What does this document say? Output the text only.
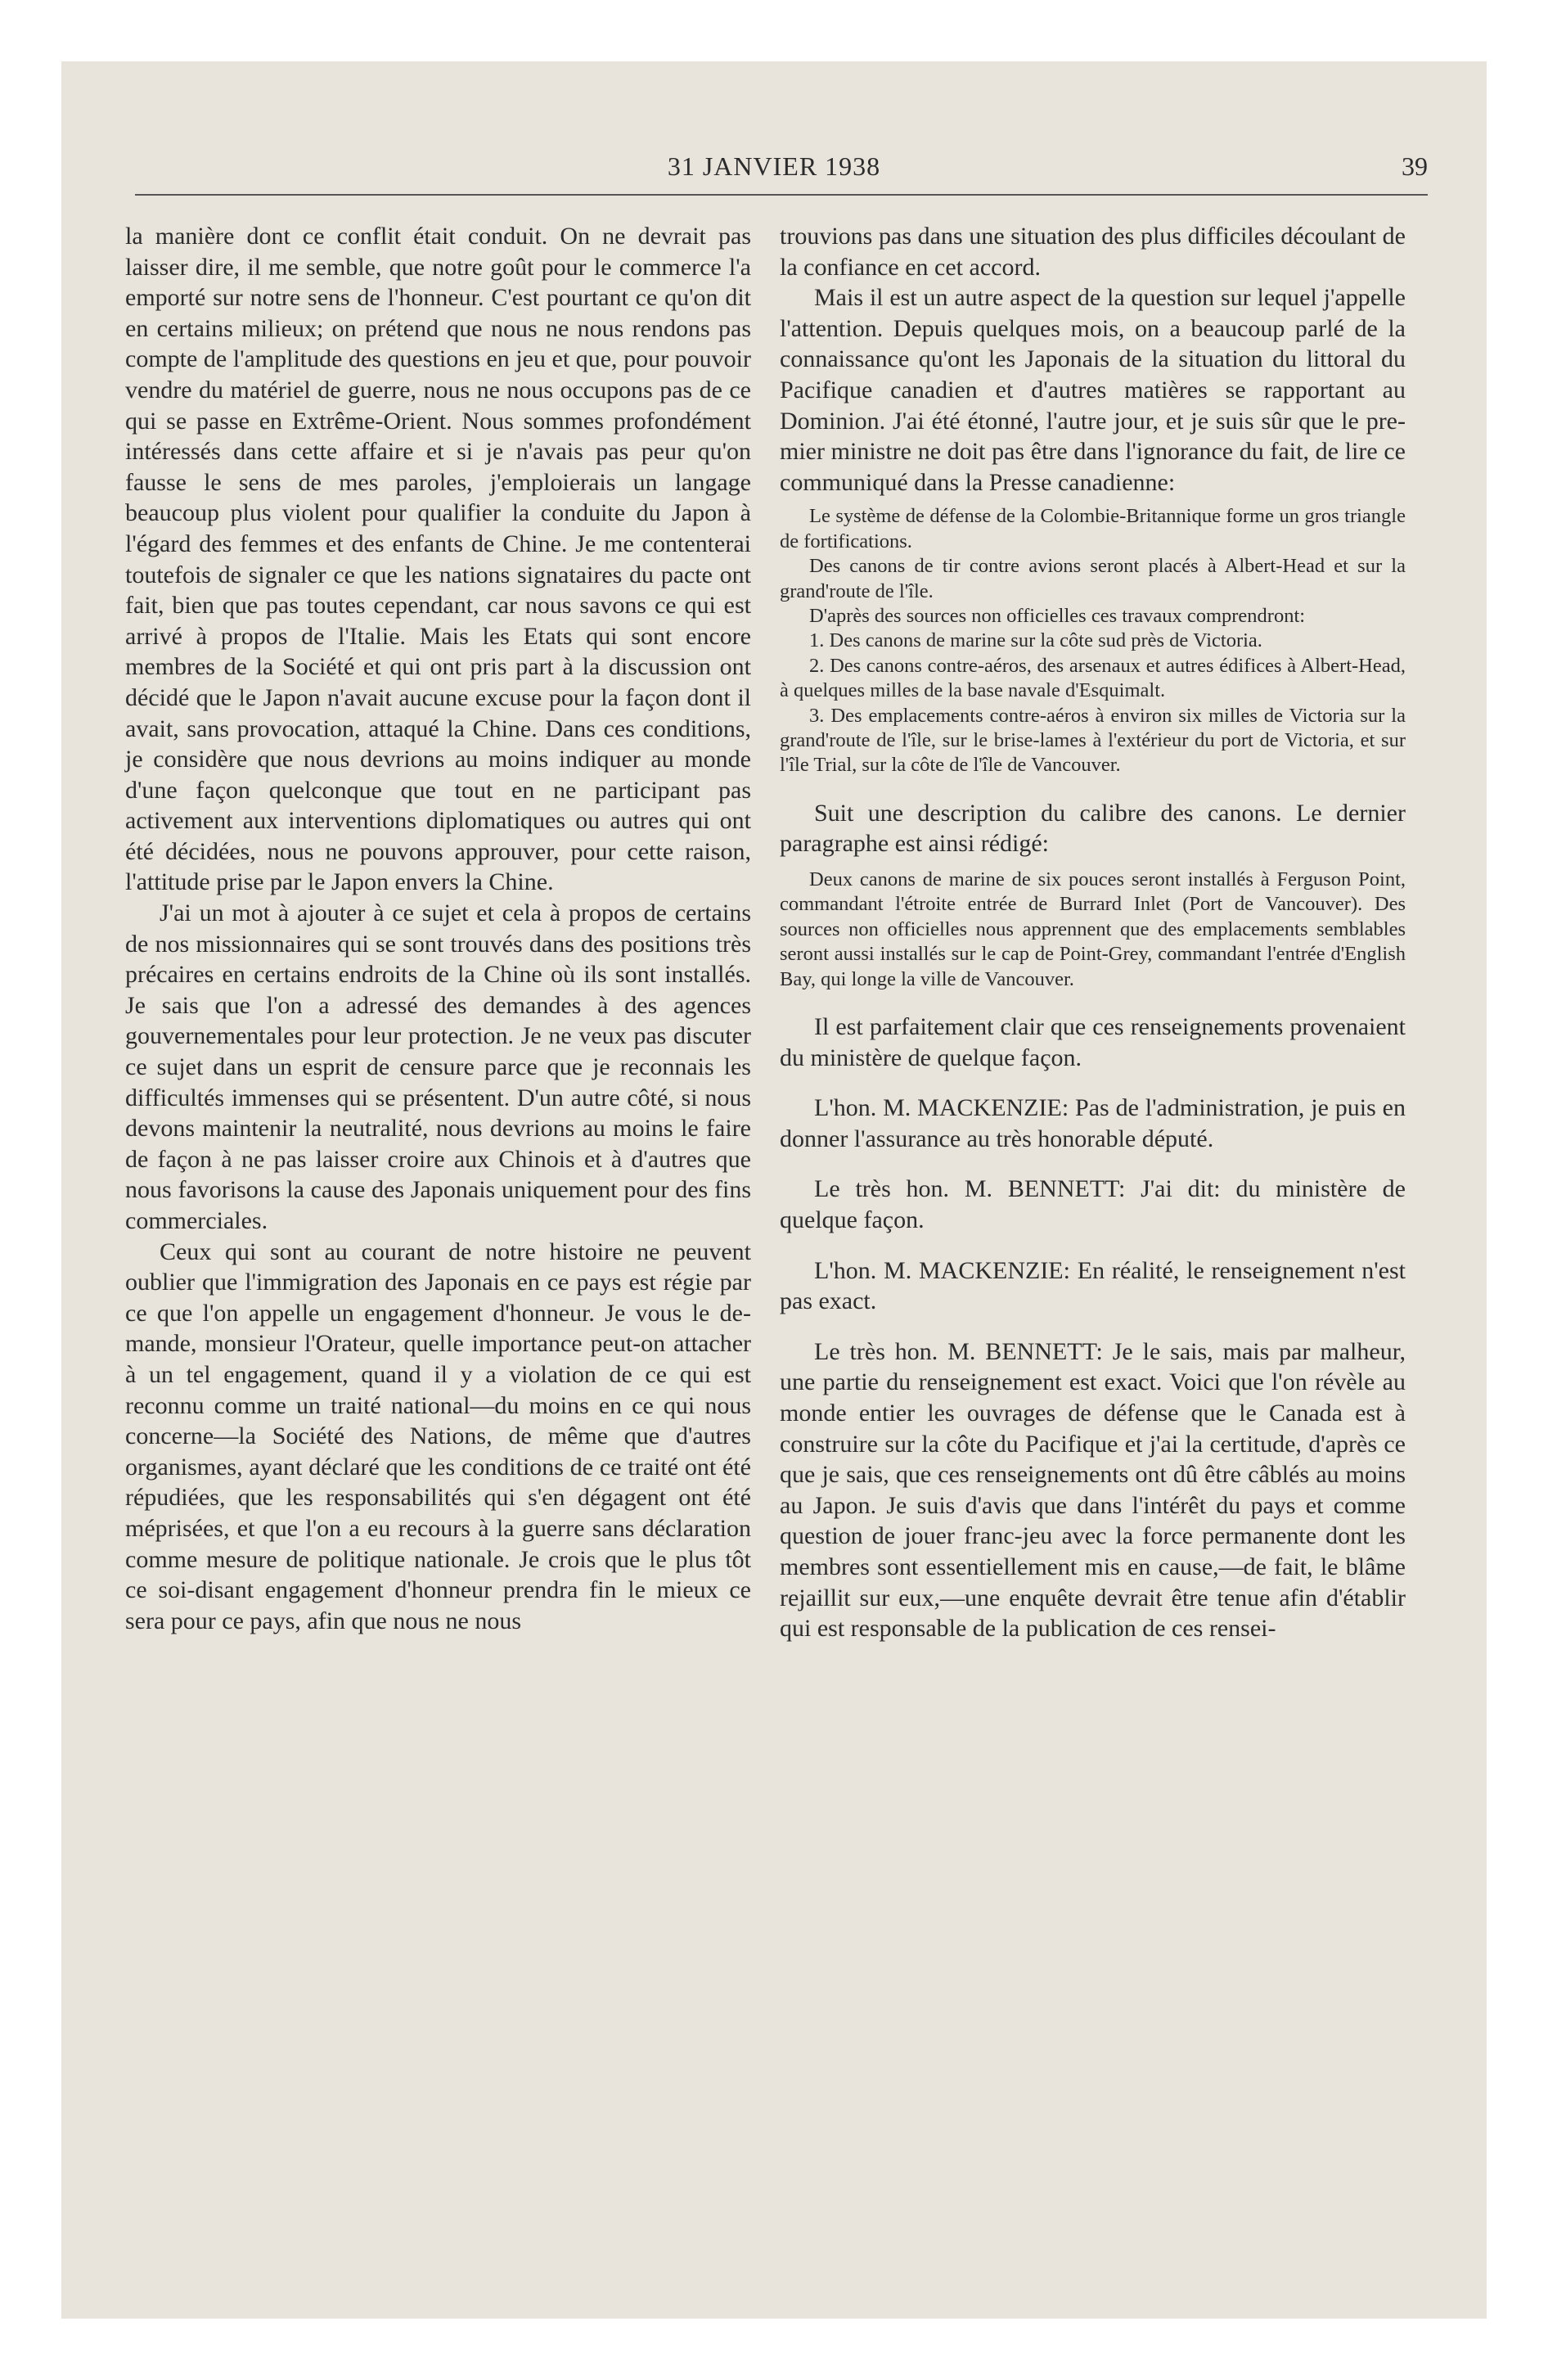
31 JANVIER 1938	39

la manière dont ce conflit était conduit. On ne devrait pas laisser dire, il me semble, que notre goût pour le commerce l'a emporté sur notre sens de l'honneur. C'est pourtant ce qu'on dit en certains milieux; on prétend que nous ne nous rendons pas compte de l'amplitude des questions en jeu et que, pour pouvoir vendre du matériel de guerre, nous ne nous occupons pas de ce qui se passe en Extrême-Orient. Nous sommes profondément intéressés dans cette affaire et si je n'avais pas peur qu'on fausse le sens de mes paroles, j'emploierais un langage beaucoup plus violent pour qualifier la conduite du Japon à l'égard des femmes et des enfants de Chine. Je me contenterai toutefois de signaler ce que les nations signataires du pacte ont fait, bien que pas toutes cependant, car nous savons ce qui est arrivé à propos de l'Italie. Mais les Etats qui sont encore membres de la Société et qui ont pris part à la discussion ont décidé que le Japon n'avait aucune excuse pour la façon dont il avait, sans provocation, attaqué la Chine. Dans ces conditions, je considère que nous devrions au moins indiquer au monde d'une façon quelconque que tout en ne participant pas activement aux interventions diplomatiques ou autres qui ont été décidées, nous ne pouvons approuver, pour cette raison, l'attitude prise par le Japon envers la Chine.

J'ai un mot à ajouter à ce sujet et cela à propos de certains de nos missionnaires qui se sont trouvés dans des positions très précaires en certains endroits de la Chine où ils sont installés. Je sais que l'on a adressé des demandes à des agences gouvernementales pour leur protection. Je ne veux pas discuter ce sujet dans un esprit de censure parce que je reconnais les difficultés immenses qui se présentent. D'un autre côté, si nous devons maintenir la neutralité, nous devrions au moins le faire de façon à ne pas laisser croire aux Chinois et à d'autres que nous favorisons la cause des Japonais uniquement pour des fins commerciales.

Ceux qui sont au courant de notre histoire ne peuvent oublier que l'immigration des Japonais en ce pays est régie par ce que l'on appelle un engagement d'honneur. Je vous le demande, monsieur l'Orateur, quelle importance peut-on attacher à un tel engagement, quand il y a violation de ce qui est reconnu comme un traité national—du moins en ce qui nous concerne—la Société des Nations, de même que d'autres organismes, ayant déclaré que les conditions de ce traité ont été répudiées, que les responsabilités qui s'en dégagent ont été méprisées, et que l'on a eu recours à la guerre sans déclaration comme mesure de politique nationale. Je crois que le plus tôt ce soi-disant engagement d'honneur prendra fin le mieux ce sera pour ce pays, afin que nous ne nous

trouvions pas dans une situation des plus difficiles découlant de la confiance en cet accord.

Mais il est un autre aspect de la question sur lequel j'appelle l'attention. Depuis quelques mois, on a beaucoup parlé de la connaissance qu'ont les Japonais de la situation du littoral du Pacifique canadien et d'autres matières se rapportant au Dominion. J'ai été étonné, l'autre jour, et je suis sûr que le premier ministre ne doit pas être dans l'ignorance du fait, de lire ce communiqué dans la Presse canadienne:

Le système de défense de la Colombie-Britannique forme un gros triangle de fortifications.

Des canons de tir contre avions seront placés à Albert-Head et sur la grand'route de l'île.

D'après des sources non officielles ces travaux comprendront:

1. Des canons de marine sur la côte sud près de Victoria.

2. Des canons contre-aéros, des arsenaux et autres édifices à Albert-Head, à quelques milles de la base navale d'Esquimalt.

3. Des emplacements contre-aéros à environ six milles de Victoria sur la grand'route de l'île, sur le brise-lames à l'extérieur du port de Victoria, et sur l'île Trial, sur la côte de l'île de Vancouver.

Suit une description du calibre des canons. Le dernier paragraphe est ainsi rédigé:

Deux canons de marine de six pouces seront installés à Ferguson Point, commandant l'étroite entrée de Burrard Inlet (Port de Vancouver). Des sources non officielles nous apprennent que des emplacements semblables seront aussi installés sur le cap de Point-Grey, commandant l'entrée d'English Bay, qui longe la ville de Vancouver.

Il est parfaitement clair que ces renseignements provenaient du ministère de quelque façon.

L'hon. M. MACKENZIE: Pas de l'administration, je puis en donner l'assurance au très honorable député.

Le très hon. M. BENNETT: J'ai dit: du ministère de quelque façon.

L'hon. M. MACKENZIE: En réalité, le renseignement n'est pas exact.

Le très hon. M. BENNETT: Je le sais, mais par malheur, une partie du renseignement est exact. Voici que l'on révèle au monde entier les ouvrages de défense que le Canada est à construire sur la côte du Pacifique et j'ai la certitude, d'après ce que je sais, que ces renseignements ont dû être câblés au moins au Japon. Je suis d'avis que dans l'intérêt du pays et comme question de jouer franc-jeu avec la force permanente dont les membres sont essentiellement mis en cause,—de fait, le blâme rejaillit sur eux,—une enquête devrait être tenue afin d'établir qui est responsable de la publication de ces rensei-
